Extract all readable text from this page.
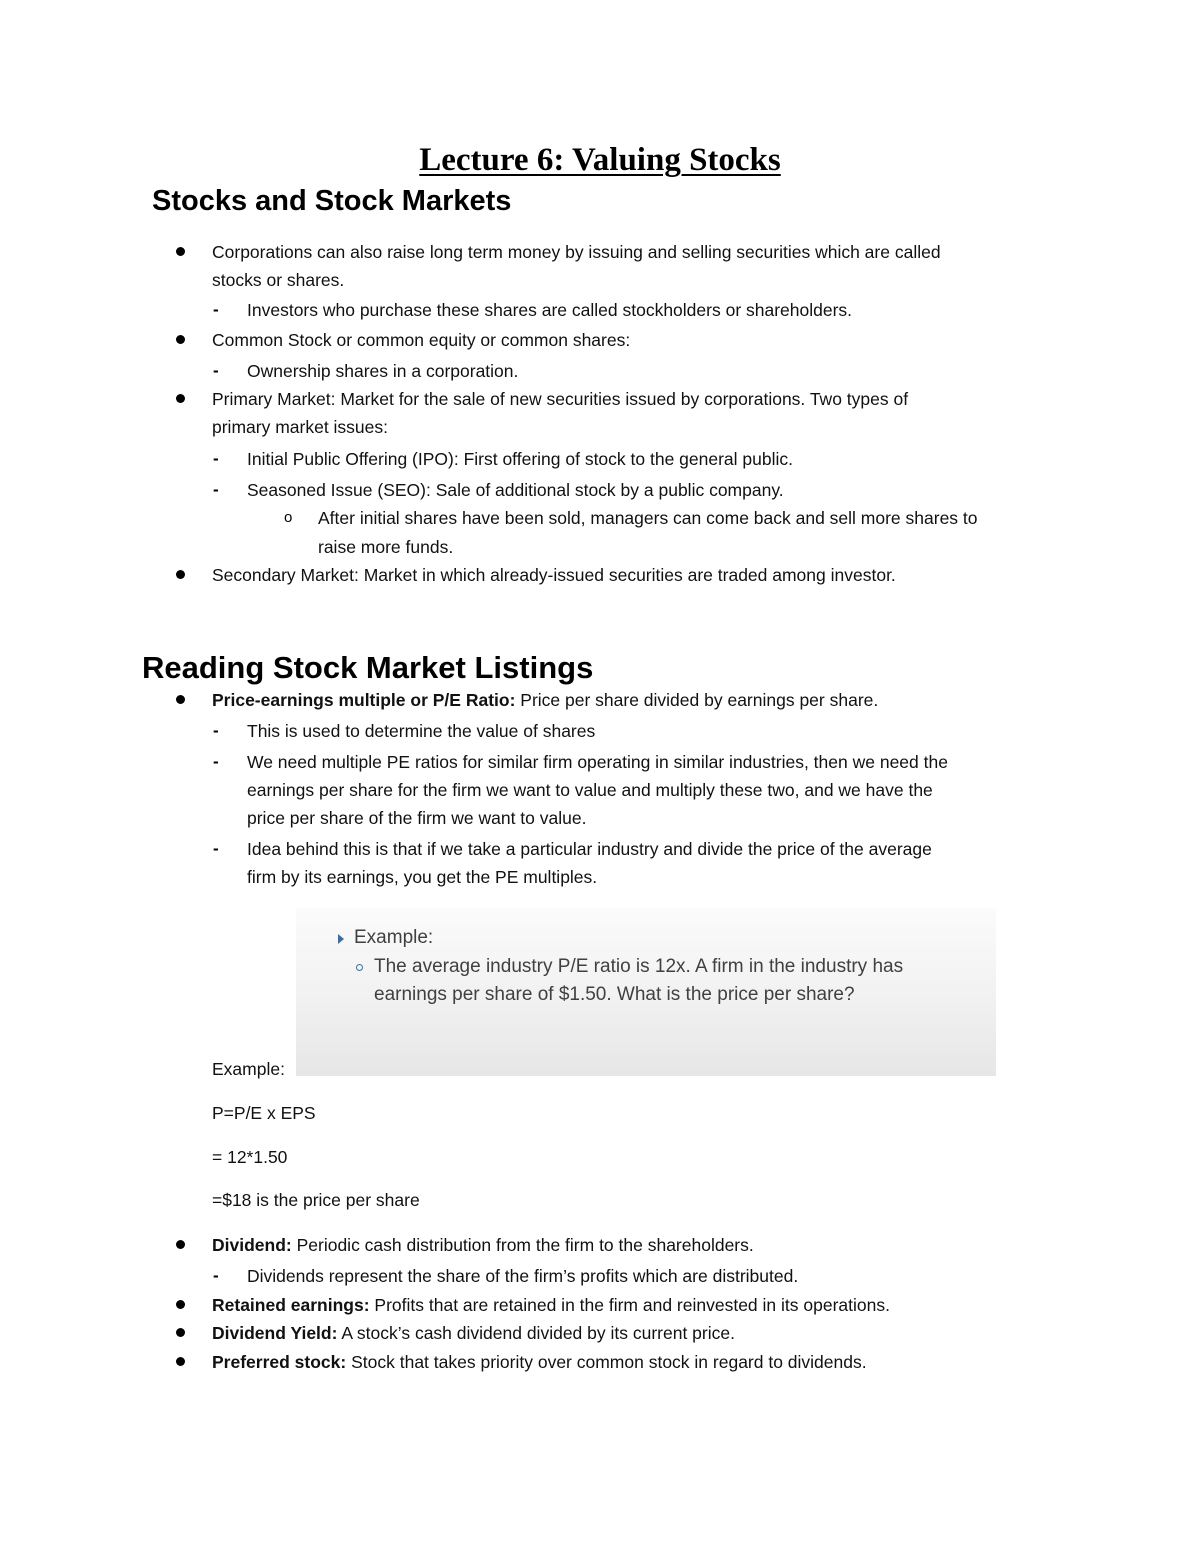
Lecture 6: Valuing Stocks
Stocks and Stock Markets
Corporations can also raise long term money by issuing and selling securities which are called
stocks or shares.
- Investors who purchase these shares are called stockholders or shareholders.
Common Stock or common equity or common shares:
- Ownership shares in a corporation.
Primary Market: Market for the sale of new securities issued by corporations. Two types of
primary market issues:
- Initial Public Offering (IPO): First offering of stock to the general public.
- Seasoned Issue (SEO): Sale of additional stock by a public company.
o After initial shares have been sold, managers can come back and sell more shares to
raise more funds.
Secondary Market: Market in which already-issued securities are traded among investor.
Reading Stock Market Listings
Price-earnings multiple or P/E Ratio: Price per share divided by earnings per share.
- This is used to determine the value of shares
- We need multiple PE ratios for similar firm operating in similar industries, then we need the
earnings per share for the firm we want to value and multiply these two, and we have the
price per share of the firm we want to value.
- Idea behind this is that if we take a particular industry and divide the price of the average
firm by its earnings, you get the PE multiples.
Example:
The average industry P/E ratio is 12x. A firm in the industry has
earnings per share of $1.50. What is the price per share?
Example:
P=P/E x EPS
= 12*1.50
=$18 is the price per share
Dividend: Periodic cash distribution from the firm to the shareholders.
- Dividends represent the share of the firm’s profits which are distributed.
Retained earnings: Profits that are retained in the firm and reinvested in its operations.
Dividend Yield: A stock’s cash dividend divided by its current price.
Preferred stock: Stock that takes priority over common stock in regard to dividends.
